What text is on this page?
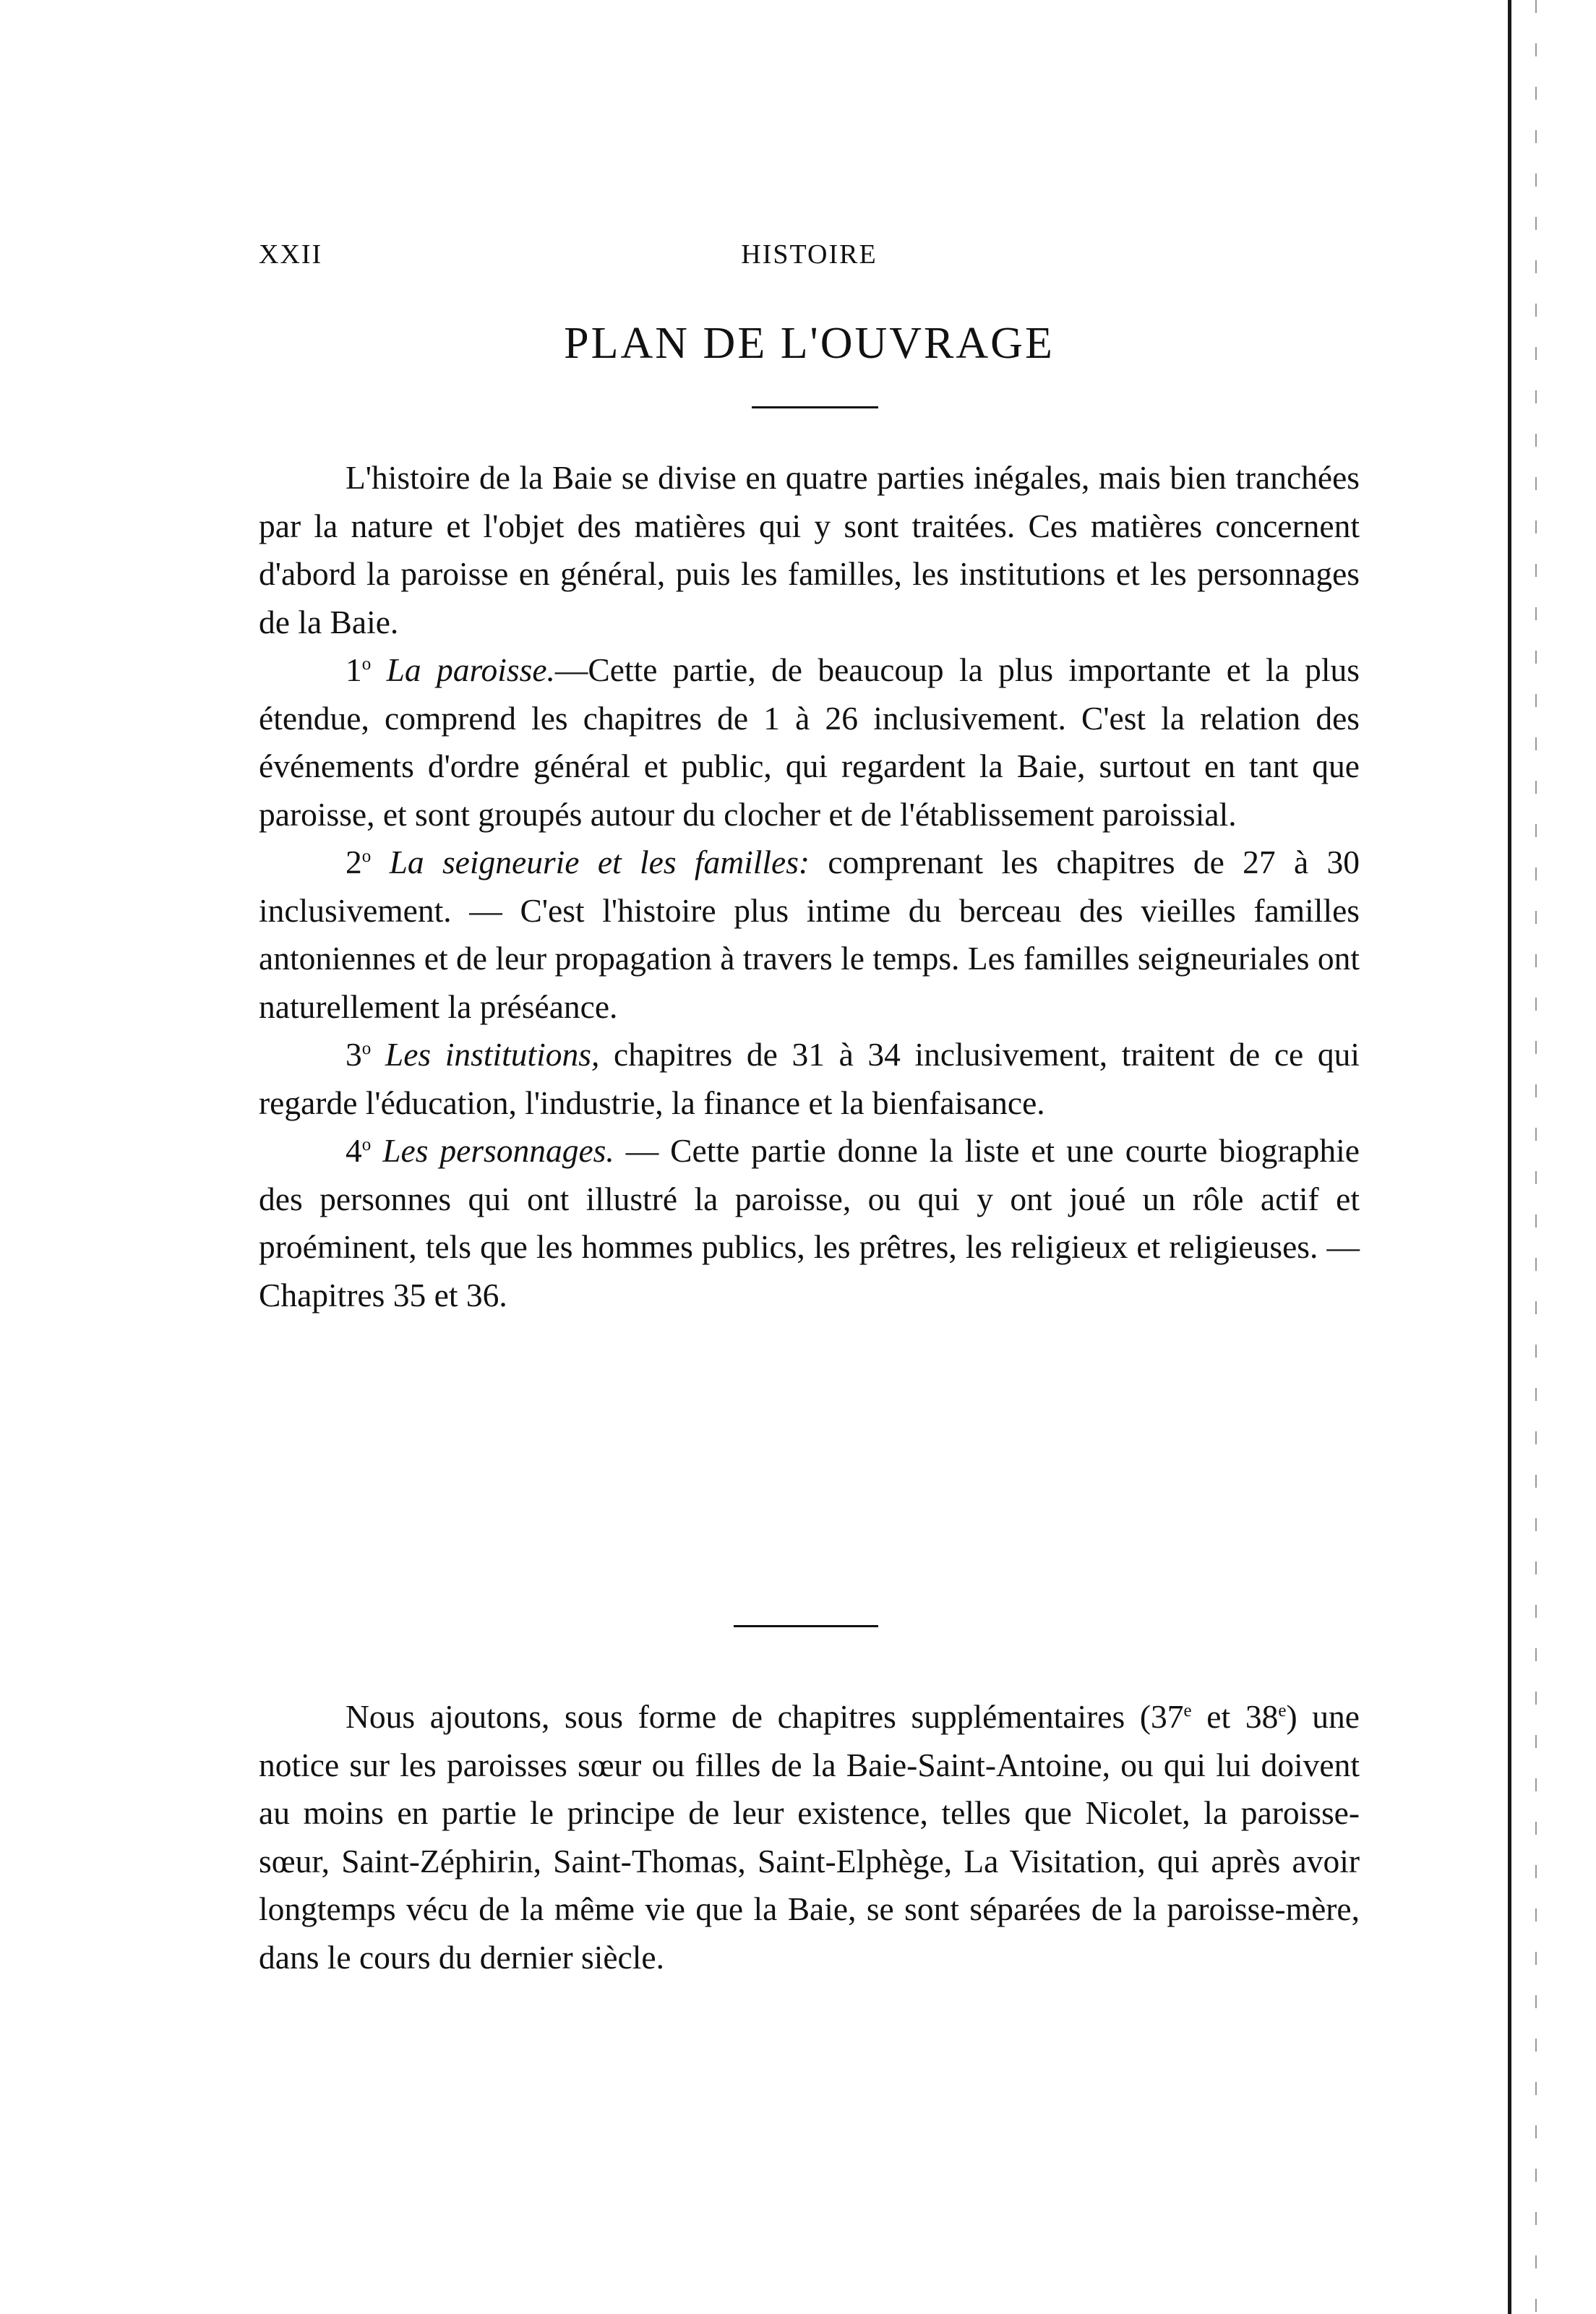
XXII	HISTOIRE
PLAN DE L'OUVRAGE

L'histoire de la Baie se divise en quatre parties inégales, mais bien tranchées par la nature et l'objet des matières qui y sont traitées. Ces matières concernent d'abord la paroisse en général, puis les familles, les institutions et les personnages de la Baie.

1$^o$ La paroisse.—Cette partie, de beaucoup la plus importante et la plus étendue, comprend les chapitres de 1 à 26 inclusivement. C'est la relation des événements d'ordre général et public, qui regardent la Baie, surtout en tant que paroisse, et sont groupés autour du clocher et de l'établissement paroissial.

2$^o$ La seigneurie et les familles: comprenant les chapitres de 27 à 30 inclusivement. — C'est l'histoire plus intime du berceau des vieilles familles antoniennes et de leur propagation à travers le temps. Les familles seigneuriales ont naturellement la préséance.

3$^o$ Les institutions, chapitres de 31 à 34 inclusivement, traitent de ce qui regarde l'éducation, l'industrie, la finance et la bienfaisance.

4$^o$ Les personnages. — Cette partie donne la liste et une courte biographie des personnes qui ont illustré la paroisse, ou qui y ont joué un rôle actif et proéminent, tels que les hommes publics, les prêtres, les religieux et religieuses. — Chapitres 35 et 36.

Nous ajoutons, sous forme de chapitres supplémentaires (37e et 38e) une notice sur les paroisses sœur ou filles de la Baie-Saint-Antoine, ou qui lui doivent au moins en partie le principe de leur existence, telles que Nicolet, la paroisse-sœur, Saint-Zéphirin, Saint-Thomas, Saint-Elphège, La Visitation, qui après avoir longtemps vécu de la même vie que la Baie, se sont séparées de la paroisse-mère, dans le cours du dernier siècle.
